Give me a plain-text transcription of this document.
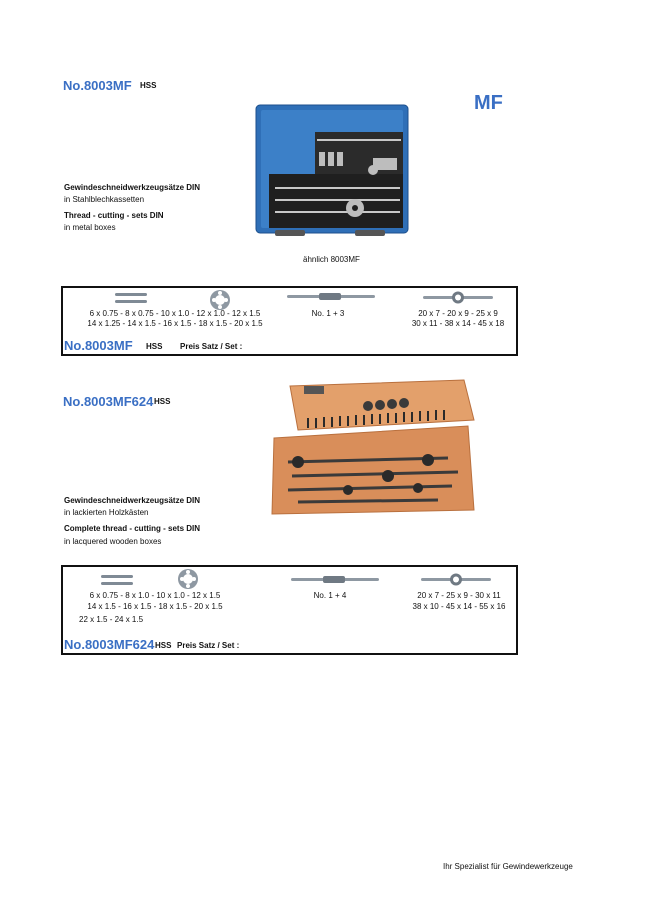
No.8003MF HSS
MF
Gewindeschneidwerkzeugsätze DIN
in Stahlblechkassetten
Thread - cutting - sets DIN
in metal boxes
ähnlich 8003MF
6 x 0.75 - 8 x 0.75 - 10 x 1.0 - 12 x 1.0 - 12 x 1.5
14 x 1.25 - 14 x 1.5 - 16 x 1.5 - 18 x 1.5 - 20 x 1.5
No. 1 + 3	20 x 7 - 20 x 9 - 25 x 9
30 x 11 - 38 x 14 - 45 x 18
No.8003MF HSS Preis Satz / Set :
No.8003MF624 HSS
Gewindeschneidwerkzeugsätze DIN
in lackierten Holzkästen
Complete thread - cutting - sets DIN
in lacquered wooden boxes
6 x 0.75 - 8 x 1.0 - 10 x 1.0 - 12 x 1.5
14 x 1.5 - 16 x 1.5 - 18 x 1.5 - 20 x 1.5
22 x 1.5 - 24 x 1.5
No. 1 + 4	20 x 7 - 25 x 9 - 30 x 11
38 x 10 - 45 x 14 - 55 x 16
No.8003MF624 HSS Preis Satz / Set :
Ihr Spezialist für Gewindewerkzeuge
